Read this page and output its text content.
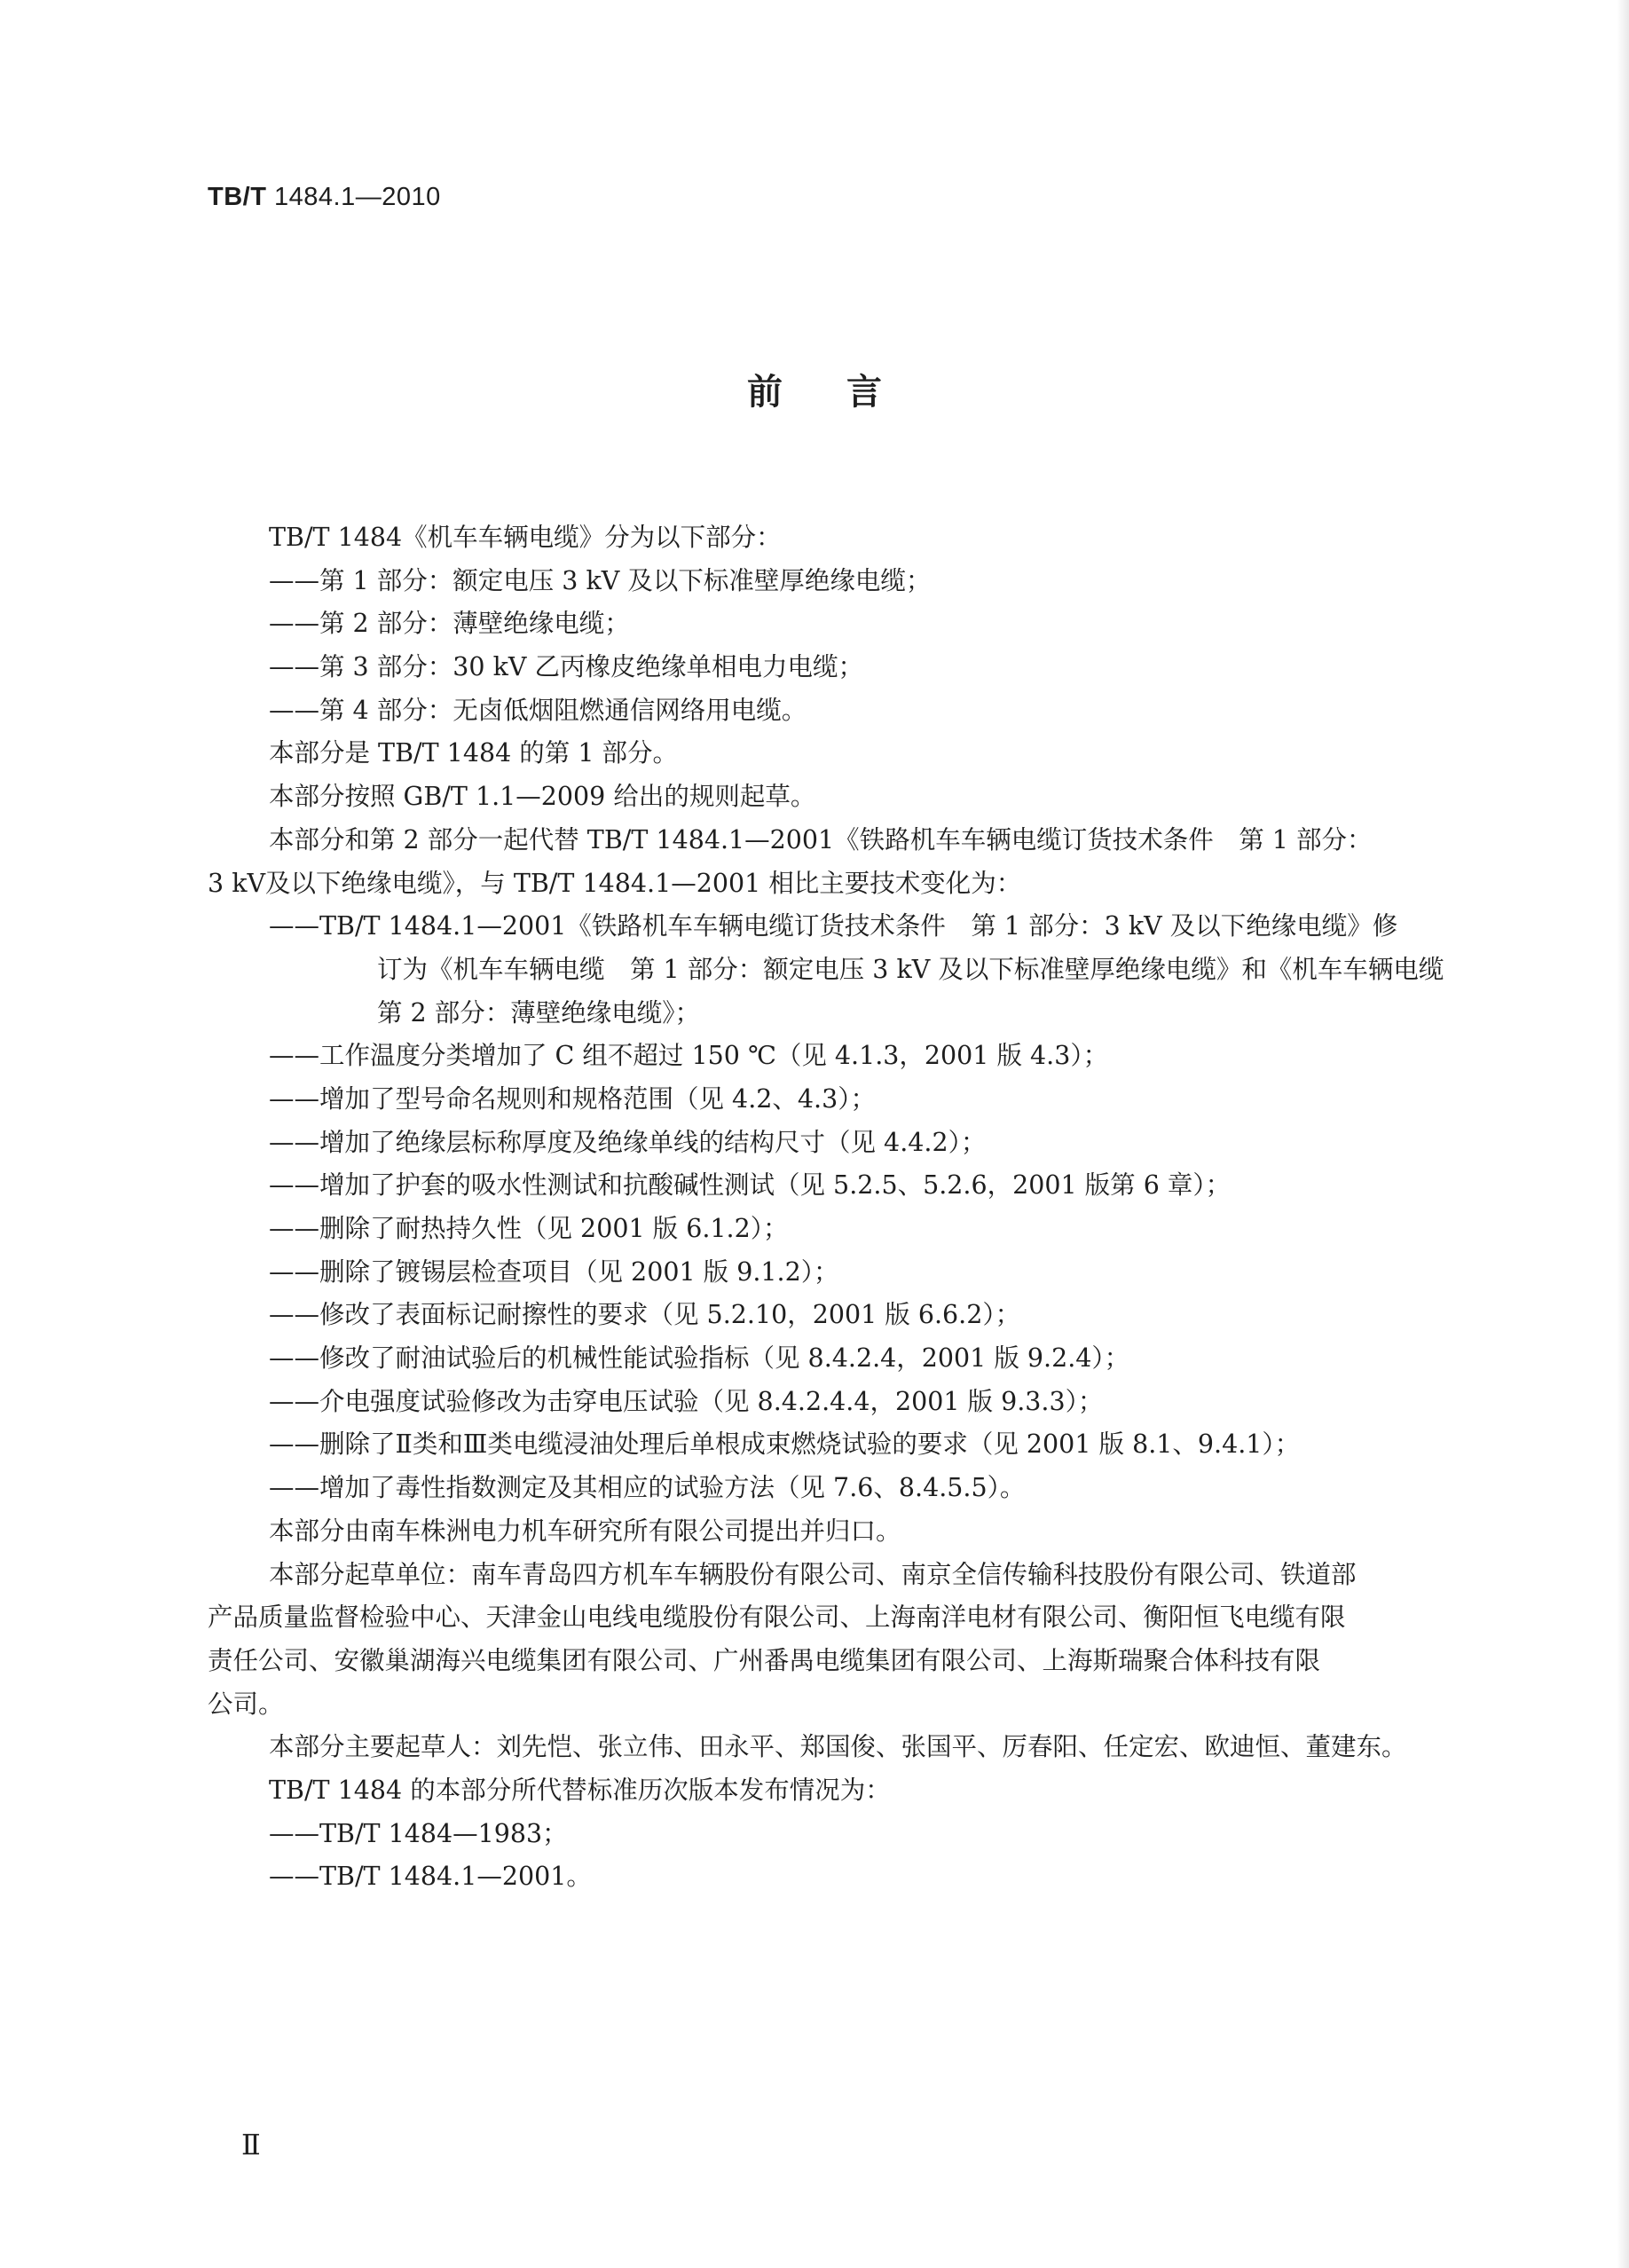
TB/T 1484.1—2010
前言
TB/T 1484《机车车辆电缆》分为以下部分：
——第 1 部分：额定电压 3 kV 及以下标准壁厚绝缘电缆；
——第 2 部分：薄壁绝缘电缆；
——第 3 部分：30 kV 乙丙橡皮绝缘单相电力电缆；
——第 4 部分：无卤低烟阻燃通信网络用电缆。
本部分是 TB/T 1484 的第 1 部分。
本部分按照 GB/T 1.1—2009 给出的规则起草。
本部分和第 2 部分一起代替 TB/T 1484.1—2001《铁路机车车辆电缆订货技术条件　第 1 部分：
3 kV及以下绝缘电缆》，与 TB/T 1484.1—2001 相比主要技术变化为：
——TB/T 1484.1—2001《铁路机车车辆电缆订货技术条件　第 1 部分：3 kV 及以下绝缘电缆》修
订为《机车车辆电缆　第 1 部分：额定电压 3 kV 及以下标准壁厚绝缘电缆》和《机车车辆电缆
第 2 部分：薄壁绝缘电缆》；
——工作温度分类增加了 C 组不超过 150 ℃（见 4.1.3，2001 版 4.3）；
——增加了型号命名规则和规格范围（见 4.2、4.3）；
——增加了绝缘层标称厚度及绝缘单线的结构尺寸（见 4.4.2）；
——增加了护套的吸水性测试和抗酸碱性测试（见 5.2.5、5.2.6，2001 版第 6 章）；
——删除了耐热持久性（见 2001 版 6.1.2）；
——删除了镀锡层检查项目（见 2001 版 9.1.2）；
——修改了表面标记耐擦性的要求（见 5.2.10，2001 版 6.6.2）；
——修改了耐油试验后的机械性能试验指标（见 8.4.2.4，2001 版 9.2.4）；
——介电强度试验修改为击穿电压试验（见 8.4.2.4.4，2001 版 9.3.3）；
——删除了Ⅱ类和Ⅲ类电缆浸油处理后单根成束燃烧试验的要求（见 2001 版 8.1、9.4.1）；
——增加了毒性指数测定及其相应的试验方法（见 7.6、8.4.5.5）。
本部分由南车株洲电力机车研究所有限公司提出并归口。
本部分起草单位：南车青岛四方机车车辆股份有限公司、南京全信传输科技股份有限公司、铁道部
产品质量监督检验中心、天津金山电线电缆股份有限公司、上海南洋电材有限公司、衡阳恒飞电缆有限
责任公司、安徽巢湖海兴电缆集团有限公司、广州番禺电缆集团有限公司、上海斯瑞聚合体科技有限
公司。
本部分主要起草人：刘先恺、张立伟、田永平、郑国俊、张国平、厉春阳、任定宏、欧迪恒、董建东。
TB/T 1484 的本部分所代替标准历次版本发布情况为：
——TB/T 1484—1983；
——TB/T 1484.1—2001。
Ⅱ
